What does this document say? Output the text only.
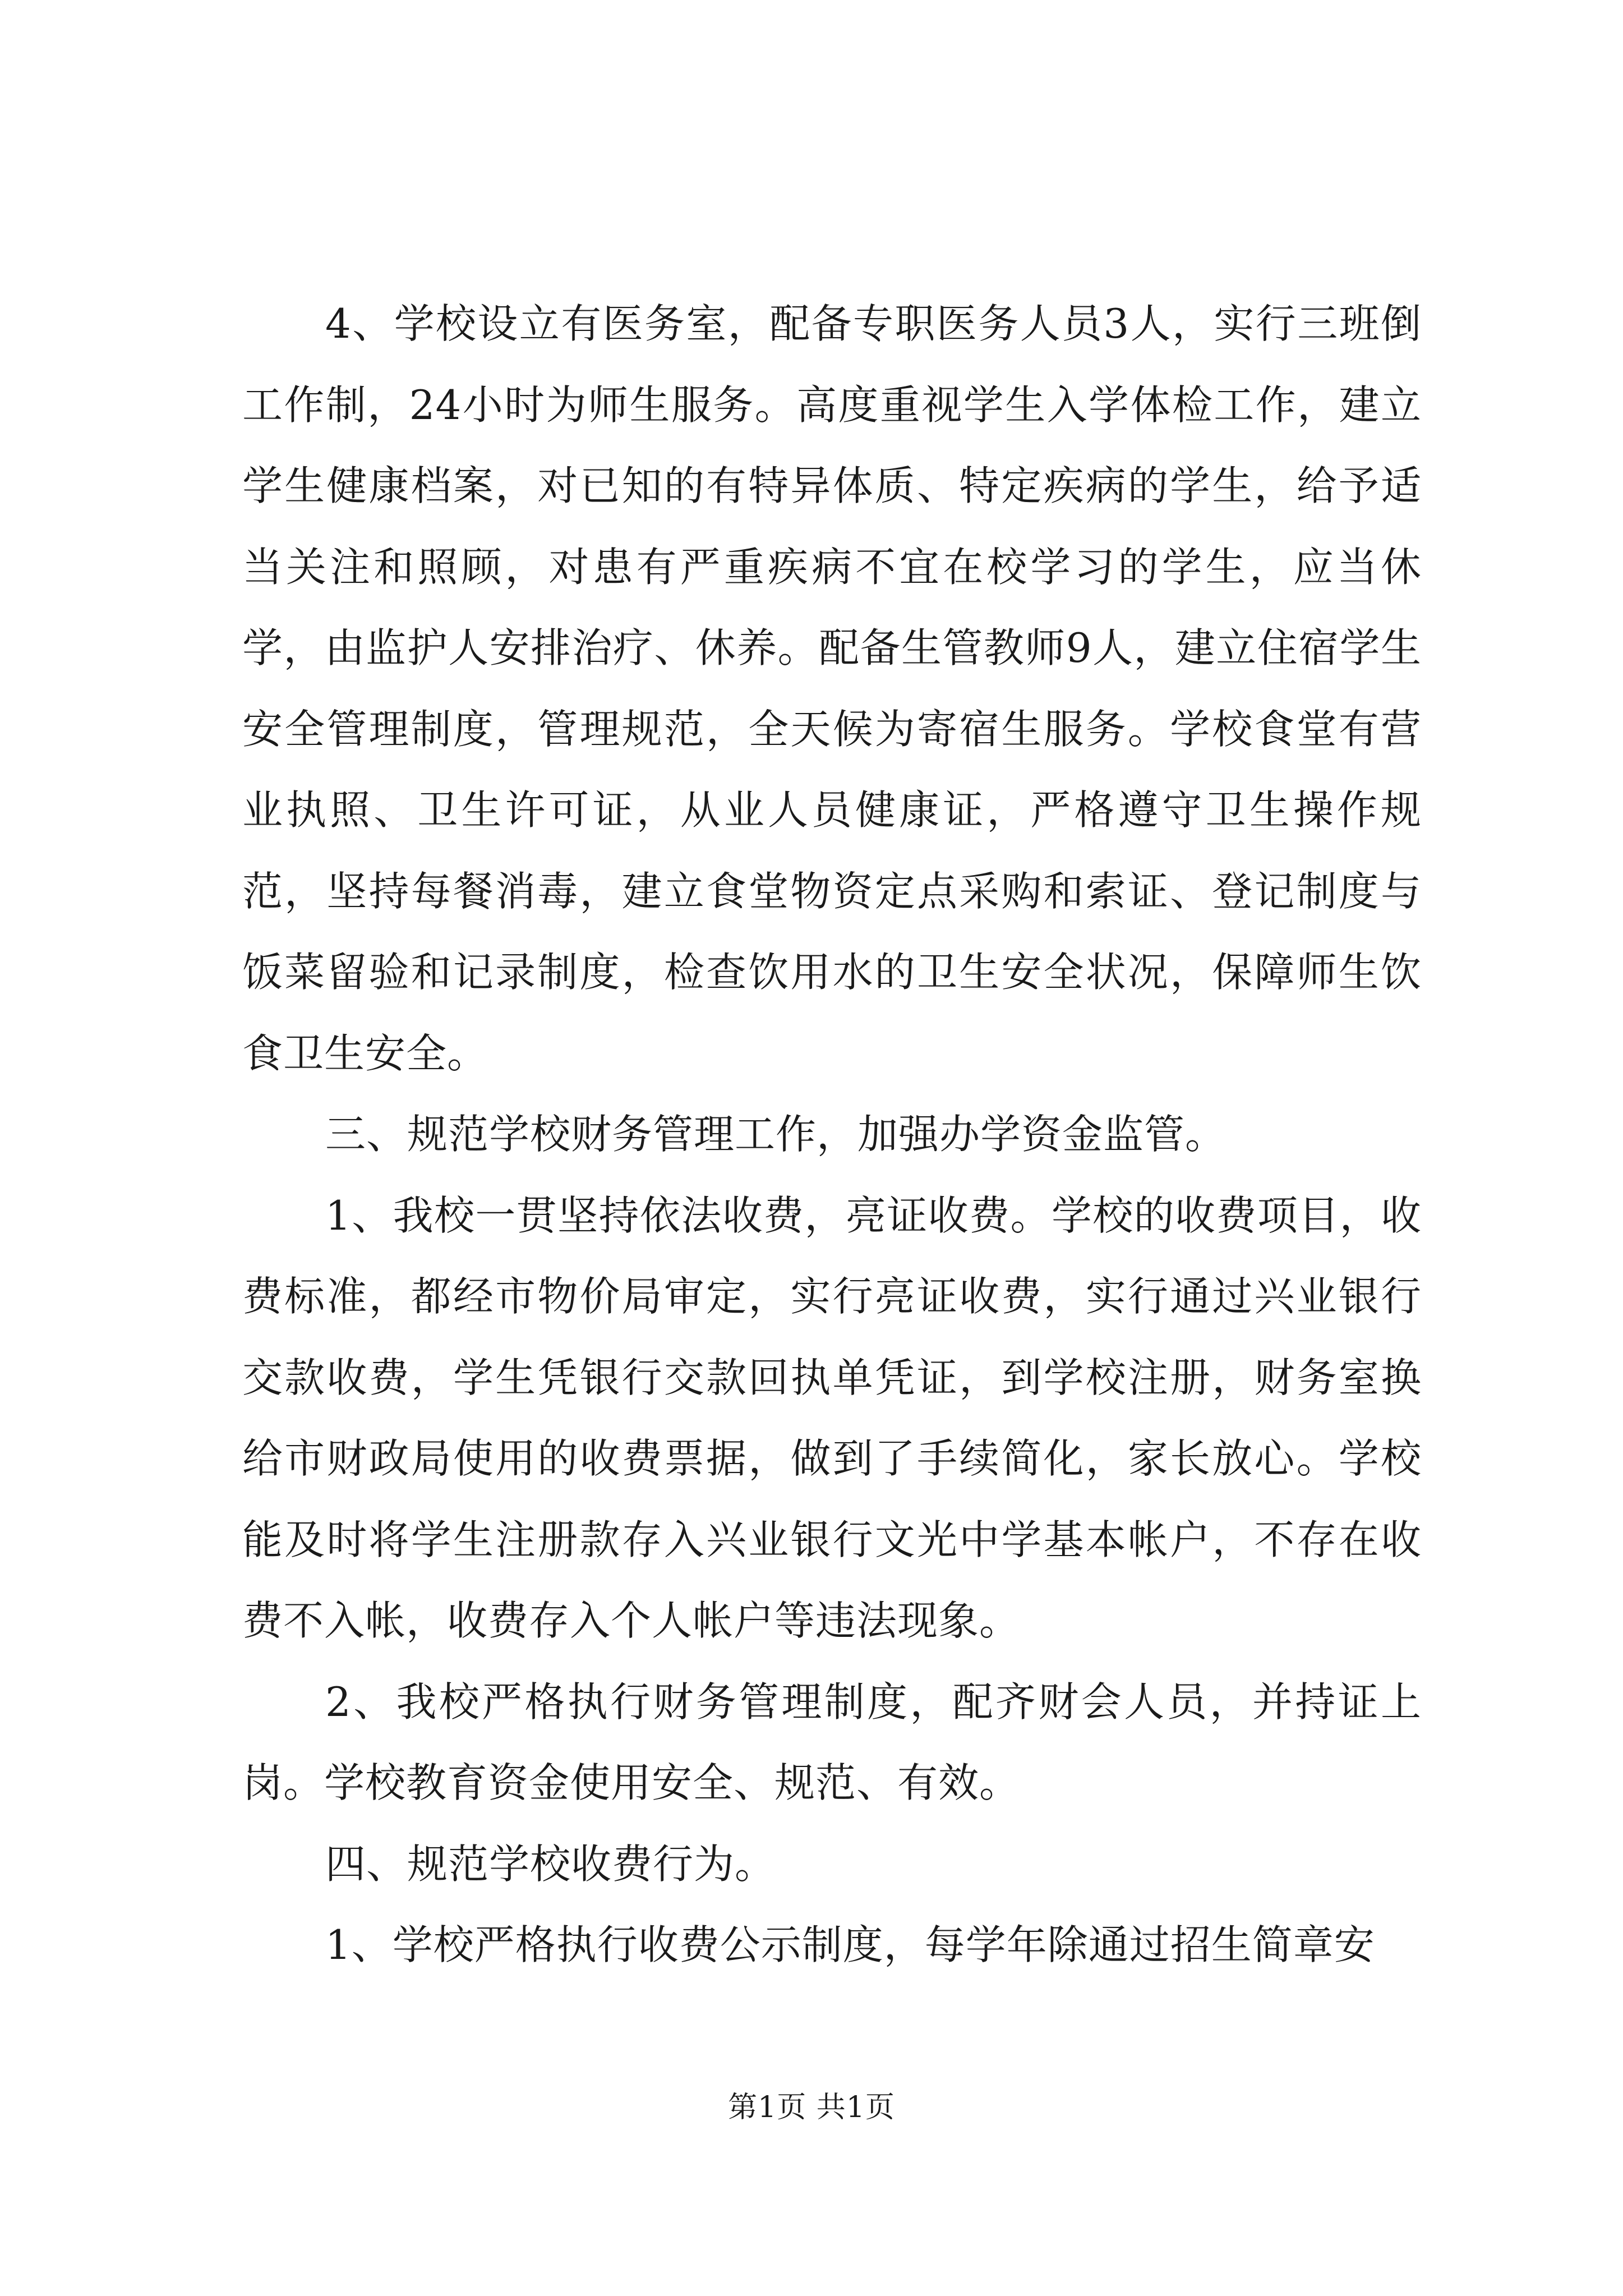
4、学校设立有医务室，配备专职医务人员3人，实行三班倒工作制，24小时为师生服务。高度重视学生入学体检工作，建立学生健康档案，对已知的有特异体质、特定疾病的学生，给予适当关注和照顾，对患有严重疾病不宜在校学习的学生，应当休学，由监护人安排治疗、休养。配备生管教师9人，建立住宿学生安全管理制度，管理规范，全天候为寄宿生服务。学校食堂有营业执照、卫生许可证，从业人员健康证，严格遵守卫生操作规范，坚持每餐消毒，建立食堂物资定点采购和索证、登记制度与饭菜留验和记录制度，检查饮用水的卫生安全状况，保障师生饮食卫生安全。

三、规范学校财务管理工作，加强办学资金监管。

1、我校一贯坚持依法收费，亮证收费。学校的收费项目，收费标准，都经市物价局审定，实行亮证收费，实行通过兴业银行交款收费，学生凭银行交款回执单凭证，到学校注册，财务室换给市财政局使用的收费票据，做到了手续简化，家长放心。学校能及时将学生注册款存入兴业银行文光中学基本帐户，不存在收费不入帐，收费存入个人帐户等违法现象。

2、我校严格执行财务管理制度，配齐财会人员，并持证上岗。学校教育资金使用安全、规范、有效。

四、规范学校收费行为。

1、学校严格执行收费公示制度，每学年除通过招生简章安

第1页 共1页
